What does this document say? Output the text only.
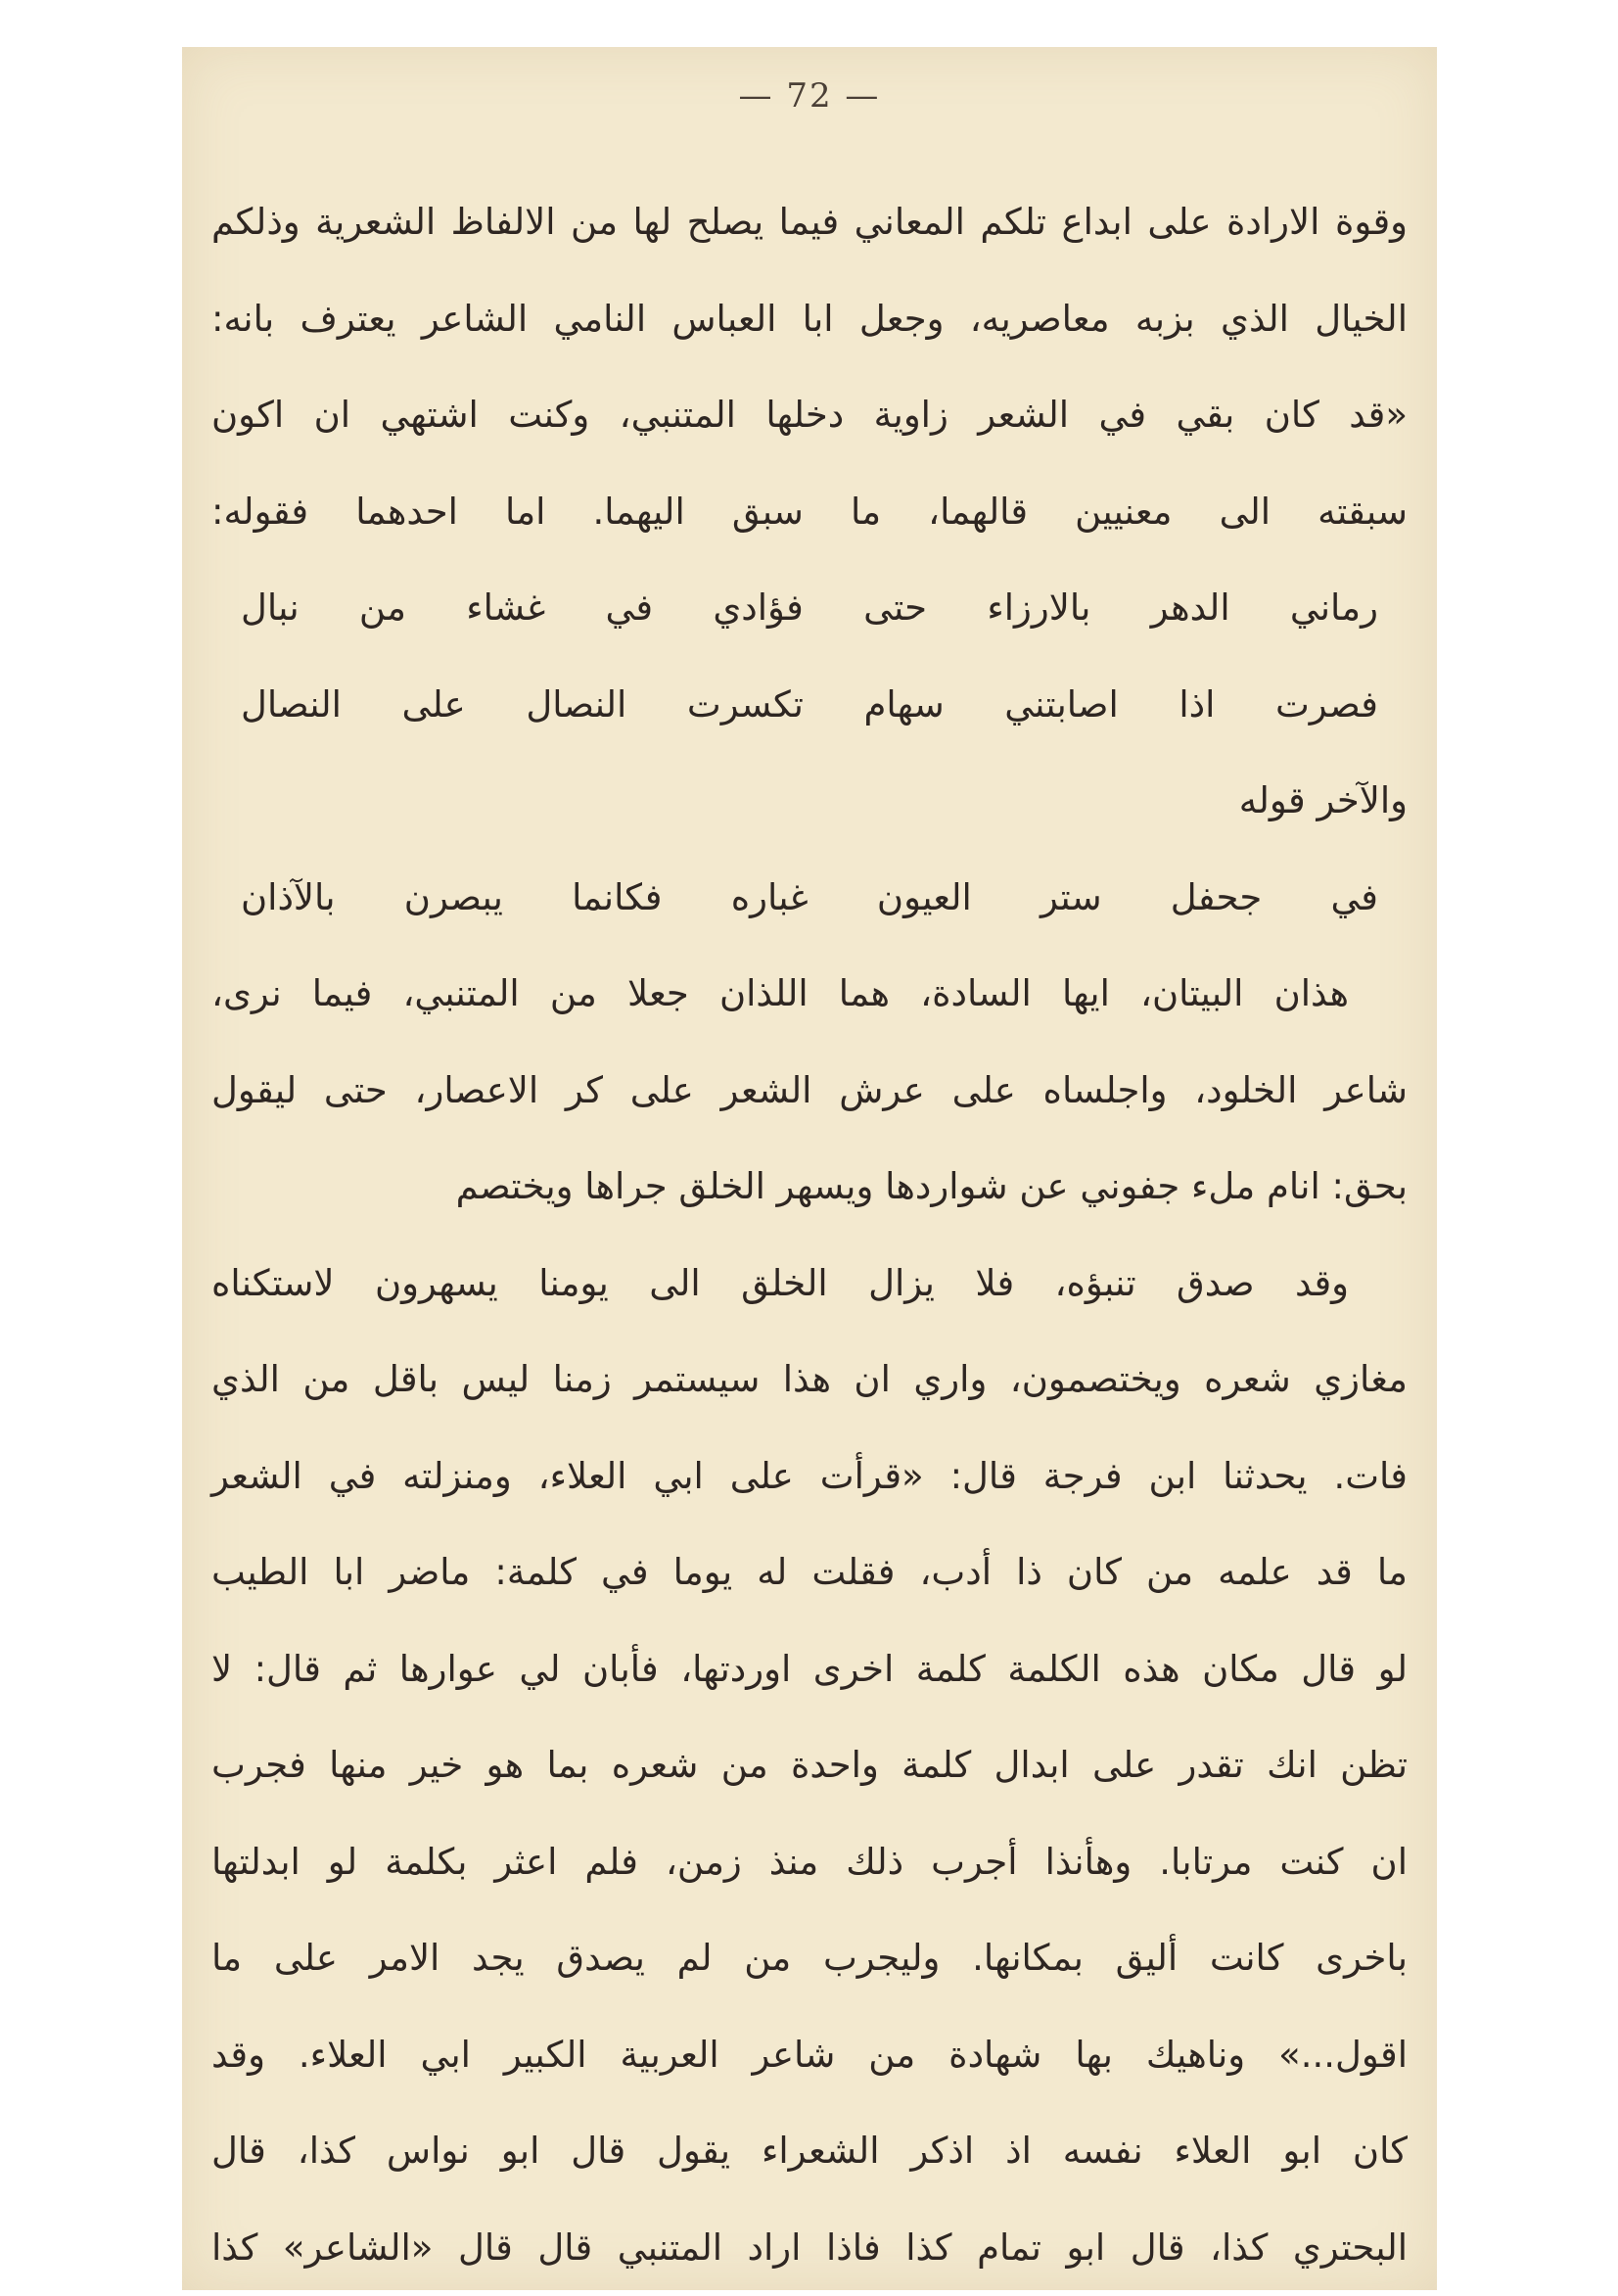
— 72 —
وقوة الارادة على ابداع تلكم المعاني فيما يصلح لها من الالفاظ الشعرية وذلكم
الخيال الذي بزبه معاصريه، وجعل ابا العباس النامي الشاعر يعترف بانه:
«قد كان بقي في الشعر زاوية دخلها المتنبي، وكنت اشتهي ان اكون
سبقته الى معنيين قالهما، ما سبق اليهما. اما احدهما فقوله:
رماني الدهر بالارزاء حتى فؤادي في غشاء من نبال
فصرت اذا اصابتني سهام تكسرت النصال على النصال
والآخر قوله
في جحفل ستر العيون غباره فكانما يبصرن بالآذان
هذان البيتان، ايها السادة، هما اللذان جعلا من المتنبي، فيما نرى،
شاعر الخلود، واجلساه على عرش الشعر على كر الاعصار، حتى ليقول
بحق: انام ملء جفوني عن شواردها ويسهر الخلق جراها ويختصم
وقد صدق تنبؤه، فلا يزال الخلق الى يومنا يسهرون لاستكناه
مغازي شعره ويختصمون، واري ان هذا سيستمر زمنا ليس باقل من الذي
فات. يحدثنا ابن فرجة قال: «قرأت على ابي العلاء، ومنزلته في الشعر
ما قد علمه من كان ذا أدب، فقلت له يوما في كلمة: ماضر ابا الطيب
لو قال مكان هذه الكلمة كلمة اخرى اوردتها، فأبان لي عوارها ثم قال: لا
تظن انك تقدر على ابدال كلمة واحدة من شعره بما هو خير منها فجرب
ان كنت مرتابا. وهأنذا أجرب ذلك منذ زمن، فلم اعثر بكلمة لو ابدلتها
باخرى كانت أليق بمكانها. وليجرب من لم يصدق يجد الامر على ما
اقول...» وناهيك بها شهادة من شاعر العربية الكبير ابي العلاء. وقد
كان ابو العلاء نفسه اذ اذكر الشعراء يقول قال ابو نواس كذا، قال
البحتري كذا، قال ابو تمام كذا فاذا اراد المتنبي قال قال «الشاعر» كذا
